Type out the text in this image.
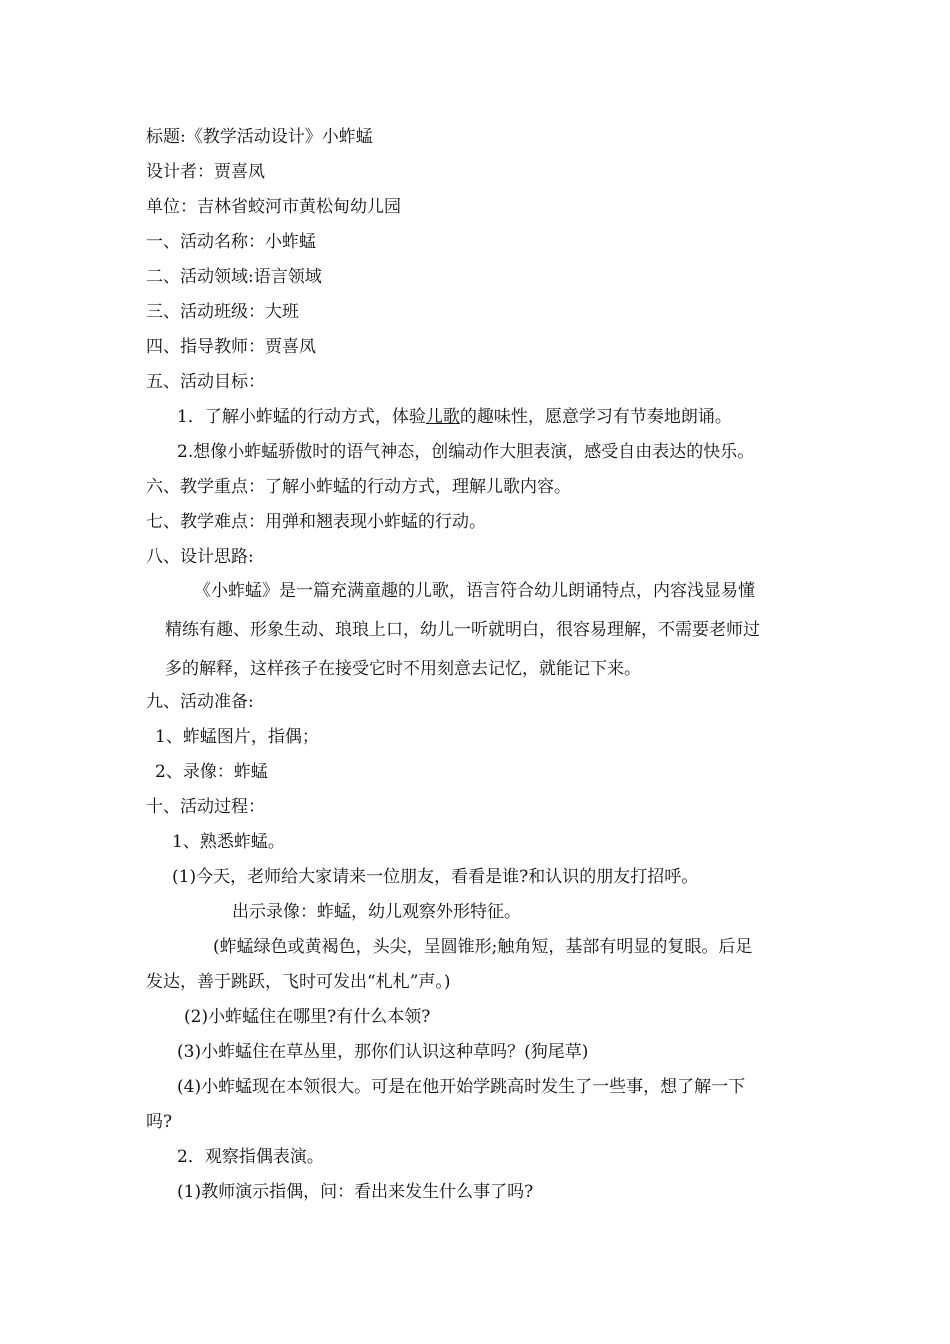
标题:《教学活动设计》小蚱蜢
设计者：贾喜凤
单位：吉林省蛟河市黄松甸幼儿园
一、活动名称：小蚱蜢
二、活动领域:语言领域
三、活动班级：大班
四、指导教师：贾喜凤
五、活动目标：
1．了解小蚱蜢的行动方式，体验儿歌的趣味性，愿意学习有节奏地朗诵。
2.想像小蚱蜢骄傲时的语气神态，创编动作大胆表演，感受自由表达的快乐。
六、教学重点：了解小蚱蜢的行动方式，理解儿歌内容。
七、教学难点：用弹和翘表现小蚱蜢的行动。
八、设计思路:
《小蚱蜢》是一篇充满童趣的儿歌，语言符合幼儿朗诵特点，内容浅显易懂
精练有趣、形象生动、琅琅上口，幼儿一听就明白，很容易理解，不需要老师过
多的解释，这样孩子在接受它时不用刻意去记忆，就能记下来。
九、活动准备:
1、蚱蜢图片，指偶；
2、录像：蚱蜢
十、活动过程：
1、熟悉蚱蜢。
(1)今天，老师给大家请来一位朋友，看看是谁?和认识的朋友打招呼。
出示录像：蚱蜢，幼儿观察外形特征。
(蚱蜢绿色或黄褐色，头尖，呈圆锥形;触角短，基部有明显的复眼。后足
发达，善于跳跃，飞时可发出“札札”声。)
(2)小蚱蜢住在哪里?有什么本领?
(3)小蚱蜢住在草丛里，那你们认识这种草吗？(狗尾草)
(4)小蚱蜢现在本领很大。可是在他开始学跳高时发生了一些事，想了解一下
吗?
2．观察指偶表演。
(1)教师演示指偶，问：看出来发生什么事了吗?
